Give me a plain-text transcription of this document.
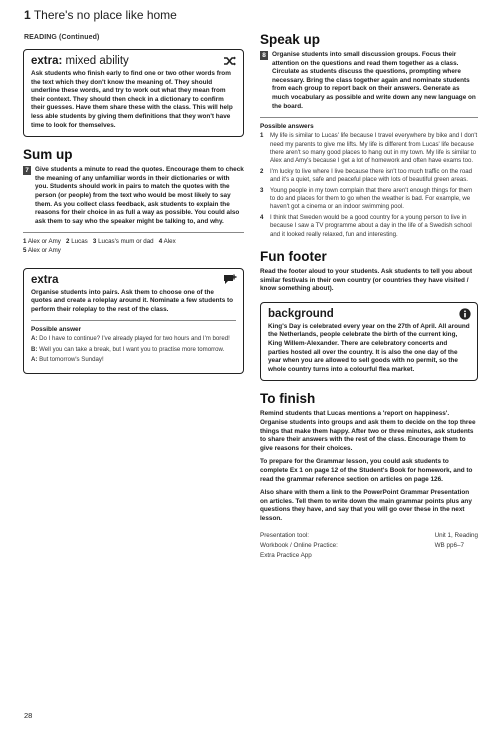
1 There's no place like home
READING (Continued)
extra: mixed ability
Ask students who finish early to find one or two other words from the text which they don't know the meaning of. They should underline these words, and try to work out what they mean from their context. They should then check in a dictionary to confirm their guesses. Have them share these with the class. This will help less able students by giving them definitions that they won't have time to look for themselves.
Sum up
7 Give students a minute to read the quotes. Encourage them to check the meaning of any unfamiliar words in their dictionaries or with you. Students should work in pairs to match the quotes with the person (or people) from the text who would be most likely to say them. As you collect class feedback, ask students to explain the reasons for their choice in as full a way as possible. You could also ask them to say who the speaker might be talking to, and why.
1 Alex or Amy 2 Lucas 3 Lucas's mum or dad 4 Alex
5 Alex or Amy
extra
Organise students into pairs. Ask them to choose one of the quotes and create a roleplay around it. Nominate a few students to perform their roleplay to the rest of the class.
Possible answer
A: Do I have to continue? I've already played for two hours and I'm bored!
B: Well you can take a break, but I want you to practise more tomorrow.
A: But tomorrow's Sunday!
Speak up
8 Organise students into small discussion groups. Focus their attention on the questions and read them together as a class. Circulate as students discuss the questions, prompting where necessary. Bring the class together again and nominate students from each group to report back on their answers. Generate as much vocabulary as possible and write down any new language on the board.
Possible answers
1	My life is similar to Lucas' life because I travel everywhere by bike and I don't need my parents to give me lifts. My life is different from Lucas' life because there aren't so many good places to hang out in my town. My life is similar to Alex and Amy's because I get a lot of homework and often have exams too.
2	I'm lucky to live where I live because there isn't too much traffic on the road and it's a quiet, safe and peaceful place with lots of beautiful green areas.
3	Young people in my town complain that there aren't enough things for them to do and places for them to go when the weather is bad. For example, we haven't got a cinema or an indoor swimming pool.
4	I think that Sweden would be a good country for a young person to live in because I saw a TV programme about a day in the life of a Swedish school and it looked really relaxed, fun and interesting.
Fun footer
Read the footer aloud to your students. Ask students to tell you about similar festivals in their own country (or countries they have visited / know something about).
background
King's Day is celebrated every year on the 27th of April. All around the Netherlands, people celebrate the birth of the current king, King Willem-Alexander. There are celebratory concerts and parties hosted all over the country. It is also the one day of the year when you are allowed to sell goods with no permit, so the whole country turns into a colourful flea market.
To finish

Remind students that Lucas mentions a 'report on happiness'. Organise students into groups and ask them to decide on the top three things that make them happy. After two or three minutes, ask students to share their answers with the rest of the class. Encourage them to give reasons for their choices.

To prepare for the Grammar lesson, you could ask students to complete Ex 1 on page 12 of the Student's Book for homework, and to read the grammar reference section on articles on page 126.

Also share with them a link to the PowerPoint Grammar Presentation on articles. Tell them to write down the main grammar points plus any questions they have, and say that you will go over these in the next lesson.

Presentation tool:	Unit 1, Reading
Workbook / Online Practice:	WB pp6–7
Extra Practice App
28
